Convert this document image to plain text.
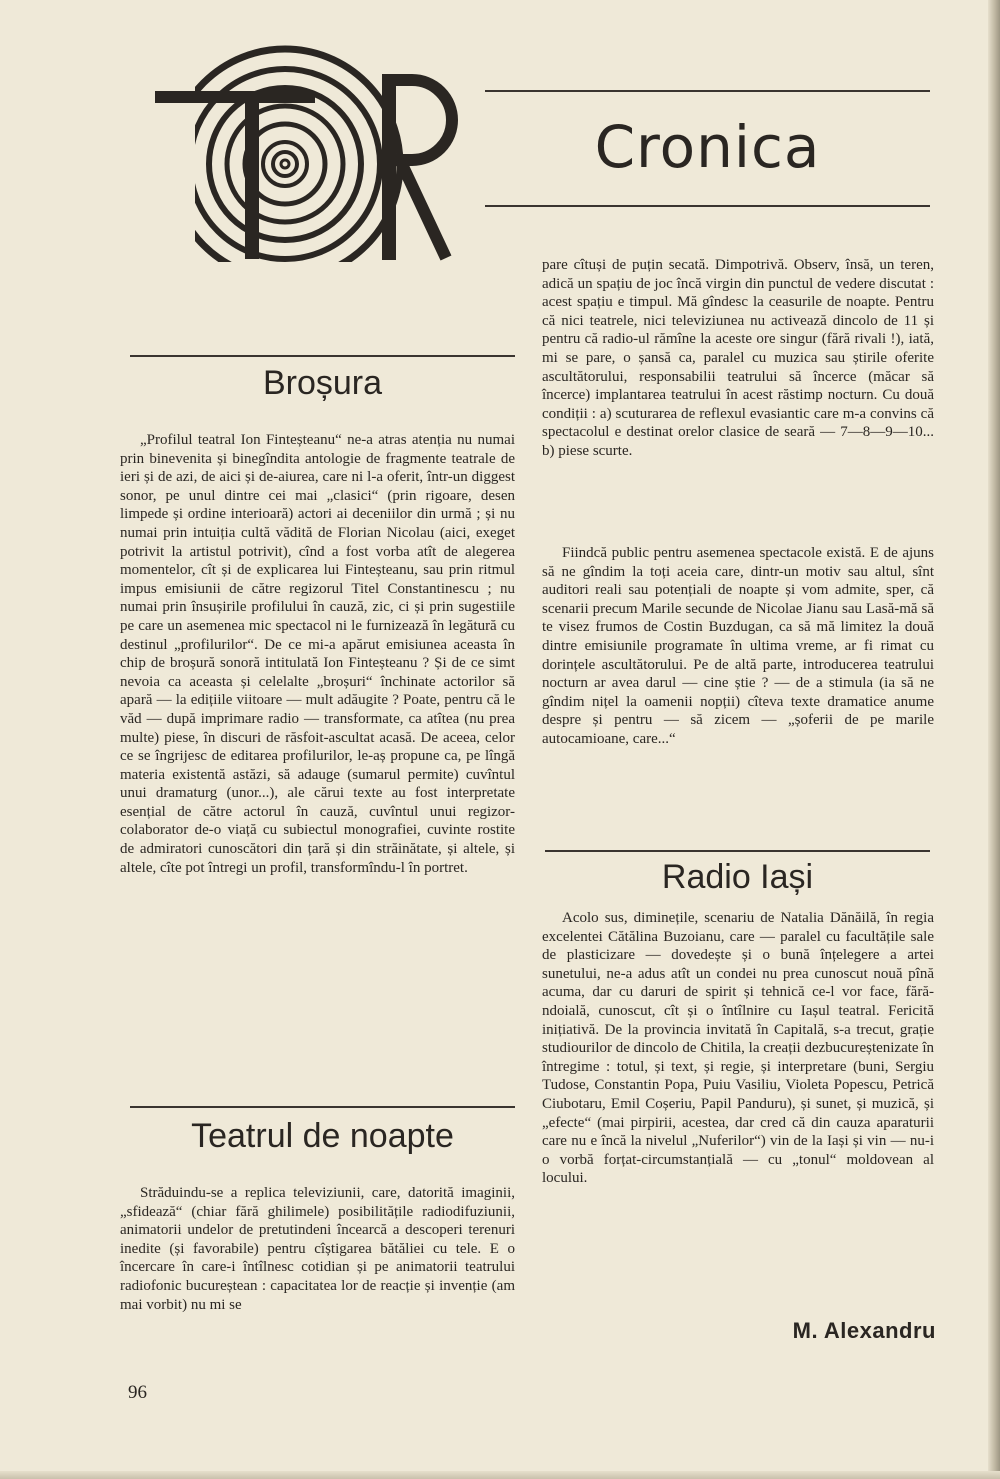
Cronica
Broșura

„Profilul teatral Ion Finteșteanu“ ne-a atras atenția nu numai prin binevenita și binegîndita antologie de fragmente teatrale de ieri și de azi, de aici și de-aiurea, care ni l-a oferit, într-un diggest sonor, pe unul dintre cei mai „clasici“ (prin rigoare, desen limpede și ordine interioară) actori ai deceniilor din urmă ; și nu numai prin intuiția cultă vădită de Florian Nicolau (aici, exeget potrivit la artistul potrivit), cînd a fost vorba atît de alegerea momentelor, cît și de explicarea lui Finteșteanu, sau prin ritmul impus emisiunii de către regizorul Titel Constantinescu ; nu numai prin însușirile profilului în cauză, zic, ci și prin sugestiile pe care un asemenea mic spectacol ni le furnizează în legătură cu destinul „profilurilor“. De ce mi-a apărut emisiunea aceasta în chip de broșură sonoră intitulată Ion Finteșteanu ? Și de ce simt nevoia ca aceasta și celelalte „broșuri“ închinate actorilor să apară — la edițiile viitoare — mult adăugite ? Poate, pentru că le văd — după imprimare radio — transformate, ca atîtea (nu prea multe) piese, în discuri de răsfoit-ascultat acasă. De aceea, celor ce se îngrijesc de editarea profilurilor, le-aș propune ca, pe lîngă materia existentă astăzi, să adauge (sumarul permite) cuvîntul unui dramaturg (unor...), ale cărui texte au fost interpretate esențial de către actorul în cauză, cuvîntul unui regizor-colaborator de-o viață cu subiectul monografiei, cuvinte rostite de admiratori cunoscători din țară și din străinătate, și altele, și altele, cîte pot întregi un profil, transformîndu-l în portret.

Teatrul de noapte

Străduindu-se a replica televiziunii, care, datorită imaginii, „sfidează“ (chiar fără ghilimele) posibilitățile radiodifuziunii, animatorii undelor de pretutindeni încearcă a descoperi terenuri inedite (și favorabile) pentru cîștigarea bătăliei cu tele. E o încercare în care-i întîlnesc cotidian și pe animatorii teatrului radiofonic bucureștean : capacitatea lor de reacție și invenție (am mai vorbit) nu mi se

pare cîtuși de puțin secată. Dimpotrivă. Observ, însă, un teren, adică un spațiu de joc încă virgin din punctul de vedere discutat : acest spațiu e timpul. Mă gîndesc la ceasurile de noapte. Pentru că nici teatrele, nici televiziunea nu activează dincolo de 11 și pentru că radio-ul rămîne la aceste ore singur (fără rivali !), iată, mi se pare, o șansă ca, paralel cu muzica sau știrile oferite ascultătorului, responsabilii teatrului să încerce (măcar să încerce) implantarea teatrului în acest răstimp nocturn. Cu două condiții : a) scuturarea de reflexul evasiantic care m-a convins că spectacolul e destinat orelor clasice de seară — 7—8—9—10... b) piese scurte.

Fiindcă public pentru asemenea spectacole există. E de ajuns să ne gîndim la toți aceia care, dintr-un motiv sau altul, sînt auditori reali sau potențiali de noapte și vom admite, sper, că scenarii precum Marile secunde de Nicolae Jianu sau Lasă-mă să te visez frumos de Costin Buzdugan, ca să mă limitez la două dintre emisiunile programate în ultima vreme, ar fi rimat cu dorințele ascultătorului. Pe de altă parte, introducerea teatrului nocturn ar avea darul — cine știe ? — de a stimula (ia să ne gîndim nițel la oamenii nopții) cîteva texte dramatice anume despre și pentru — să zicem — „șoferii de pe marile autocamioane, care...“

Radio Iași

Acolo sus, diminețile, scenariu de Natalia Dănăilă, în regia excelentei Cătălina Buzoianu, care — paralel cu facultățile sale de plasticizare — dovedește și o bună înțelegere a artei sunetului, ne-a adus atît un condei nu prea cunoscut nouă pînă acuma, dar cu daruri de spirit și tehnică ce-l vor face, fără-ndoială, cunoscut, cît și o întîlnire cu Iașul teatral. Fericită inițiativă. De la provincia invitată în Capitală, s-a trecut, grație studiourilor de dincolo de Chitila, la creații dezbucureștenizate în întregime : totul, și text, și regie, și interpretare (buni, Sergiu Tudose, Constantin Popa, Puiu Vasiliu, Violeta Popescu, Petrică Ciubotaru, Emil Coșeriu, Papil Panduru), și sunet, și muzică, și „efecte“ (mai pirpirii, acestea, dar cred că din cauza aparaturii care nu e încă la nivelul „Nuferilor“) vin de la Iași și vin — nu-i o vorbă forțat-circumstanțială — cu „tonul“ moldovean al locului.

M. Alexandru

96
